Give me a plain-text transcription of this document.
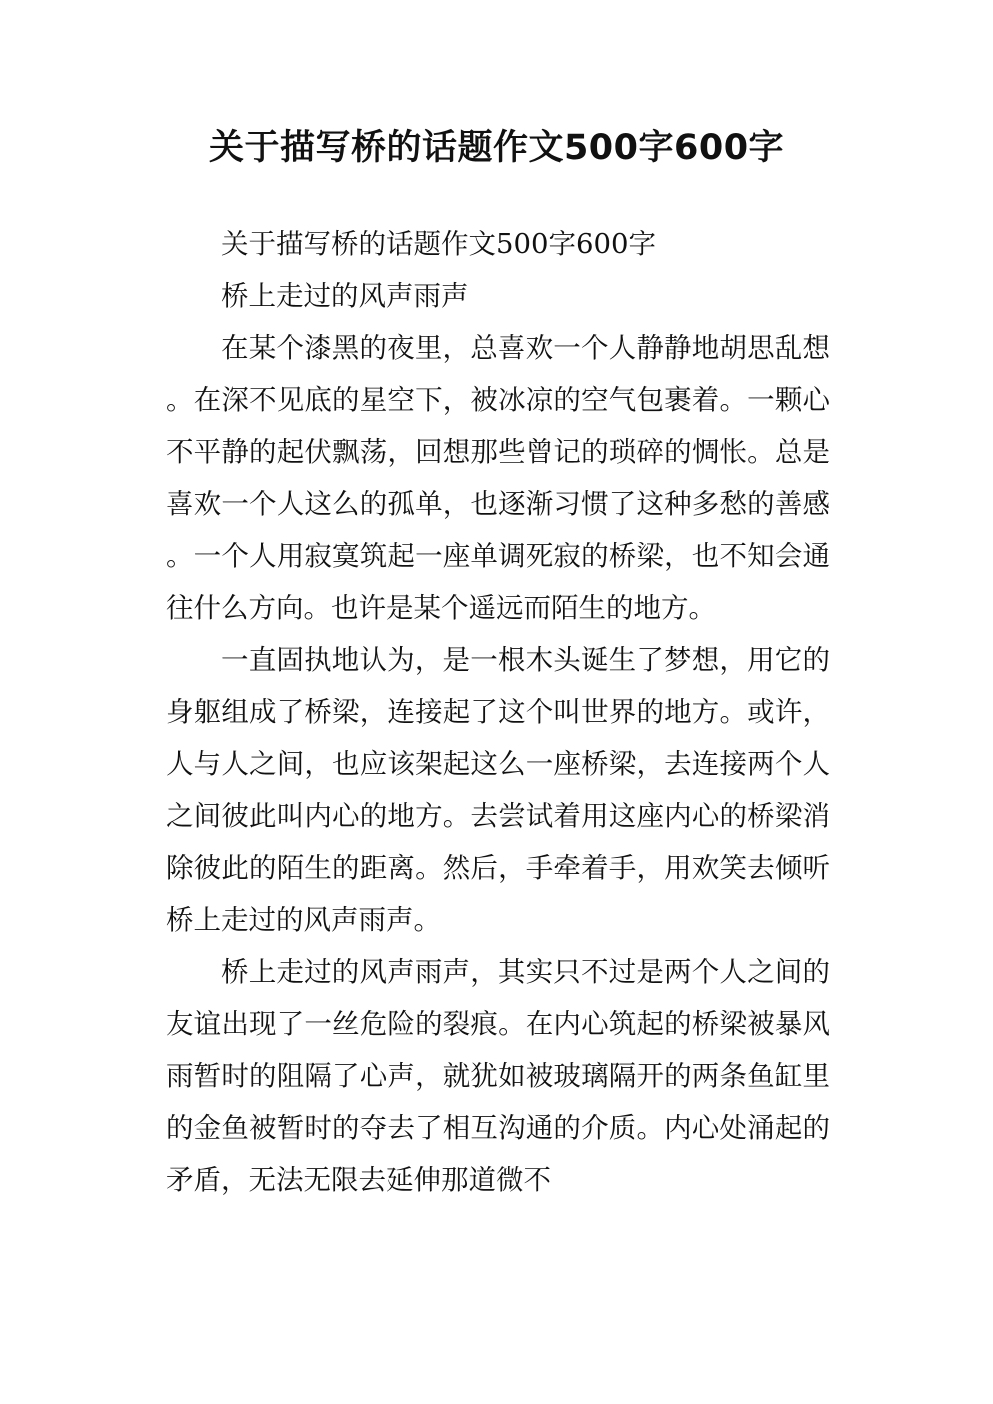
关于描写桥的话题作文500字600字

关于描写桥的话题作文500字600字

桥上走过的风声雨声

在某个漆黑的夜里，总喜欢一个人静静地胡思乱想。在深不见底的星空下，被冰凉的空气包裹着。一颗心不平静的起伏飘荡，回想那些曾记的琐碎的惆怅。总是喜欢一个人这么的孤单，也逐渐习惯了这种多愁的善感。一个人用寂寞筑起一座单调死寂的桥梁，也不知会通往什么方向。也许是某个遥远而陌生的地方。

一直固执地认为，是一根木头诞生了梦想，用它的身躯组成了桥梁，连接起了这个叫世界的地方。或许，人与人之间，也应该架起这么一座桥梁，去连接两个人之间彼此叫内心的地方。去尝试着用这座内心的桥梁消除彼此的陌生的距离。然后，手牵着手，用欢笑去倾听桥上走过的风声雨声。

桥上走过的风声雨声，其实只不过是两个人之间的友谊出现了一丝危险的裂痕。在内心筑起的桥梁被暴风雨暂时的阻隔了心声，就犹如被玻璃隔开的两条鱼缸里的金鱼被暂时的夺去了相互沟通的介质。内心处涌起的矛盾，无法无限去延伸那道微不
